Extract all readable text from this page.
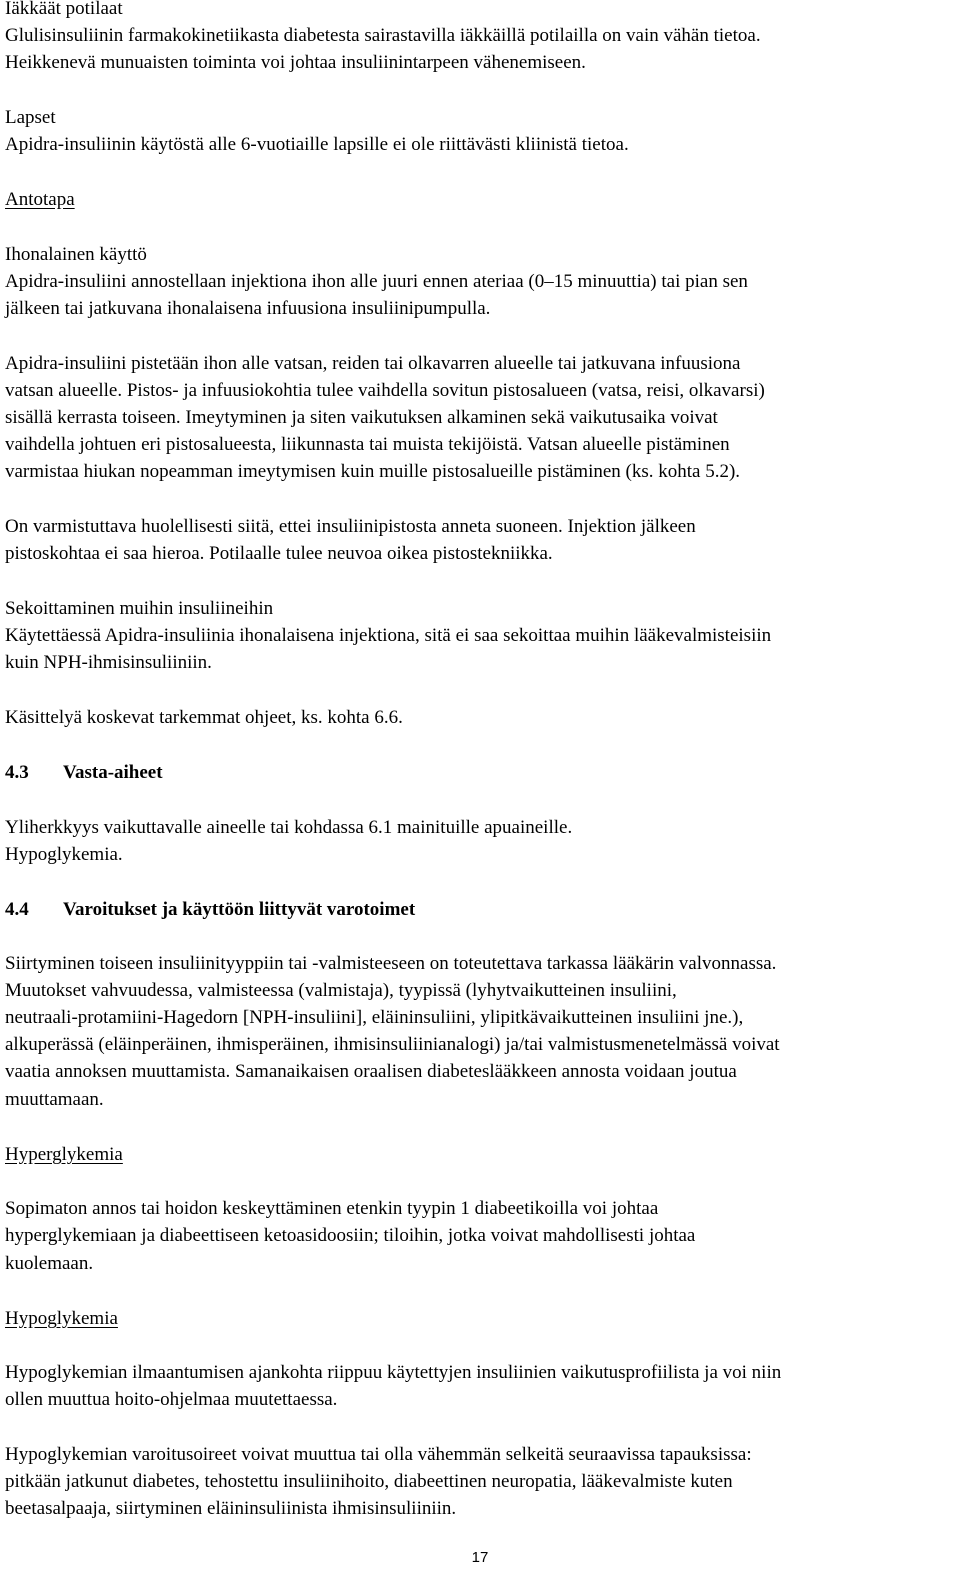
Iäkkäät potilaat
Glulisinsuliinin farmakokinetiikasta diabetesta sairastavilla iäkkäillä potilailla on vain vähän tietoa.
Heikkenevä munuaisten toiminta voi johtaa insuliinintarpeen vähenemiseen.
Lapset
Apidra-insuliinin käytöstä alle 6-vuotiaille lapsille ei ole riittävästi kliinistä tietoa.
Antotapa
Ihonalainen käyttö
Apidra-insuliini annostellaan injektiona ihon alle juuri ennen ateriaa (0–15 minuuttia) tai pian sen
jälkeen tai jatkuvana ihonalaisena infuusiona insuliinipumpulla.
Apidra-insuliini pistetään ihon alle vatsan, reiden tai olkavarren alueelle tai jatkuvana infuusiona
vatsan alueelle. Pistos- ja infuusiokohtia tulee vaihdella sovitun pistosalueen (vatsa, reisi, olkavarsi)
sisällä kerrasta toiseen. Imeytyminen ja siten vaikutuksen alkaminen sekä vaikutusaika voivat
vaihdella johtuen eri pistosalueesta, liikunnasta tai muista tekijöistä. Vatsan alueelle pistäminen
varmistaa hiukan nopeamman imeytymisen kuin muille pistosalueille pistäminen (ks. kohta 5.2).
On varmistuttava huolellisesti siitä, ettei insuliinipistosta anneta suoneen. Injektion jälkeen
pistoskohtaa ei saa hieroa. Potilaalle tulee neuvoa oikea pistostekniikka.
Sekoittaminen muihin insuliineihin
Käytettäessä Apidra-insuliinia ihonalaisena injektiona, sitä ei saa sekoittaa muihin lääkevalmisteisiin
kuin NPH-ihmisinsuliiniin.
Käsittelyä koskevat tarkemmat ohjeet, ks. kohta 6.6.
4.3 Vasta-aiheet
Yliherkkyys vaikuttavalle aineelle tai kohdassa 6.1 mainituille apuaineille.
Hypoglykemia.
4.4 Varoitukset ja käyttöön liittyvät varotoimet
Siirtyminen toiseen insuliinityyppiin tai -valmisteeseen on toteutettava tarkassa lääkärin valvonnassa.
Muutokset vahvuudessa, valmisteessa (valmistaja), tyypissä (lyhytvaikutteinen insuliini,
neutraali-protamiini-Hagedorn [NPH-insuliini], eläininsuliini, ylipitkävaikutteinen insuliini jne.),
alkuperässä (eläinperäinen, ihmisperäinen, ihmisinsuliinianalogi) ja/tai valmistusmenetelmässä voivat
vaatia annoksen muuttamista. Samanaikaisen oraalisen diabeteslääkkeen annosta voidaan joutua
muuttamaan.
Hyperglykemia
Sopimaton annos tai hoidon keskeyttäminen etenkin tyypin 1 diabeetikoilla voi johtaa
hyperglykemiaan ja diabeettiseen ketoasidoosiin; tiloihin, jotka voivat mahdollisesti johtaa
kuolemaan.
Hypoglykemia
Hypoglykemian ilmaantumisen ajankohta riippuu käytettyjen insuliinien vaikutusprofiilista ja voi niin
ollen muuttua hoito-ohjelmaa muutettaessa.
Hypoglykemian varoitusoireet voivat muuttua tai olla vähemmän selkeitä seuraavissa tapauksissa:
pitkään jatkunut diabetes, tehostettu insuliinihoito, diabeettinen neuropatia, lääkevalmiste kuten
beetasalpaaja, siirtyminen eläininsuliinista ihmisinsuliiniin.
17
